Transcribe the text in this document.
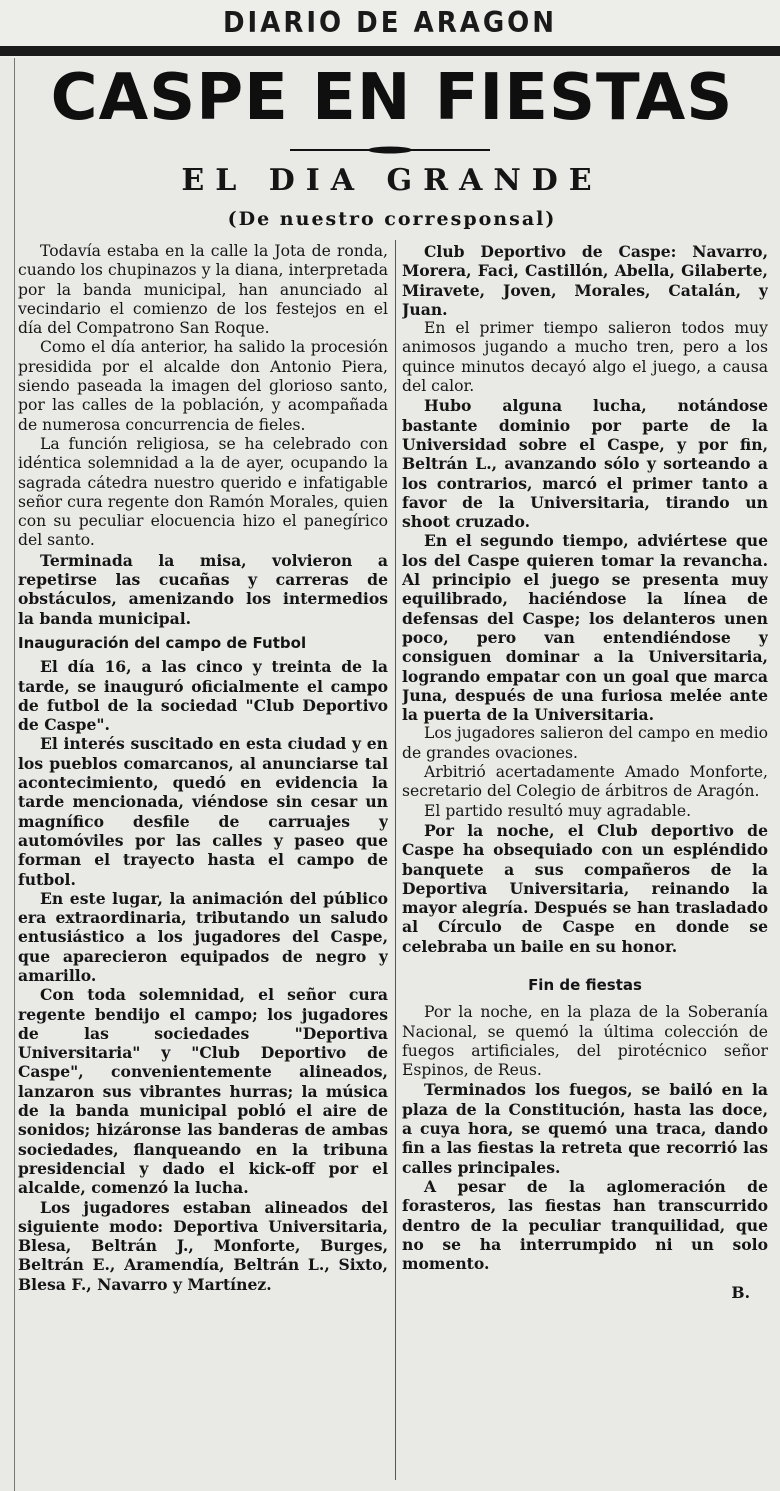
DIARIO DE ARAGON
CASPE EN FIESTAS
EL DIA GRANDE
(De nuestro corresponsal)

Todavía estaba en la calle la Jota de ronda, cuando los chupinazos y la diana, interpretada por la banda municipal, han anunciado al vecindario el comienzo de los festejos en el día del Compatrono San Roque.

Como el día anterior, ha salido la procesión presidida por el alcalde don Antonio Piera, siendo paseada la imagen del glorioso santo, por las calles de la población, y acompañada de numerosa concurrencia de fieles.

La función religiosa, se ha celebrado con idéntica solemnidad a la de ayer, ocupando la sagrada cátedra nuestro querido e infatigable señor cura regente don Ramón Morales, quien con su peculiar elocuencia hizo el panegírico del santo.

Terminada la misa, volvieron a repetirse las cucañas y carreras de obstáculos, amenizando los intermedios la banda municipal.

Inauguración del campo de Futbol

El día 16, a las cinco y treinta de la tarde, se inauguró oficialmente el campo de futbol de la sociedad "Club Deportivo de Caspe".

El interés suscitado en esta ciudad y en los pueblos comarcanos, al anunciarse tal acontecimiento, quedó en evidencia la tarde mencionada, viéndose sin cesar un magnífico desfile de carruajes y automóviles por las calles y paseo que forman el trayecto hasta el campo de futbol.

En este lugar, la animación del público era extraordinaria, tributando un saludo entusiástico a los jugadores del Caspe, que aparecieron equipados de negro y amarillo.

Con toda solemnidad, el señor cura regente bendijo el campo; los jugadores de las sociedades "Deportiva Universitaria" y "Club Deportivo de Caspe", convenientemente alineados, lanzaron sus vibrantes hurras; la música de la banda municipal pobló el aire de sonidos; hizáronse las banderas de ambas sociedades, flanqueando en la tribuna presidencial y dado el kick-off por el alcalde, comenzó la lucha.

Los jugadores estaban alineados del siguiente modo: Deportiva Universitaria, Blesa, Beltrán J., Monforte, Burges, Beltrán E., Aramendía, Beltrán L., Sixto, Blesa F., Navarro y Martínez.

Club Deportivo de Caspe: Navarro, Morera, Faci, Castillón, Abella, Gilaberte, Miravete, Joven, Morales, Catalán, y Juan.

En el primer tiempo salieron todos muy animosos jugando a mucho tren, pero a los quince minutos decayó algo el juego, a causa del calor.

Hubo alguna lucha, notándose bastante dominio por parte de la Universidad sobre el Caspe, y por fin, Beltrán L., avanzando sólo y sorteando a los contrarios, marcó el primer tanto a favor de la Universitaria, tirando un shoot cruzado.

En el segundo tiempo, adviértese que los del Caspe quieren tomar la revancha. Al principio el juego se presenta muy equilibrado, haciéndose la línea de defensas del Caspe; los delanteros unen poco, pero van entendiéndose y consiguen dominar a la Universitaria, logrando empatar con un goal que marca Juna, después de una furiosa melée ante la puerta de la Universitaria.

Los jugadores salieron del campo en medio de grandes ovaciones.

Arbitrió acertadamente Amado Monforte, secretario del Colegio de árbitros de Aragón.

El partido resultó muy agradable.

Por la noche, el Club deportivo de Caspe ha obsequiado con un espléndido banquete a sus compañeros de la Deportiva Universitaria, reinando la mayor alegría. Después se han trasladado al Círculo de Caspe en donde se celebraba un baile en su honor.

Fin de fiestas

Por la noche, en la plaza de la Soberanía Nacional, se quemó la última colección de fuegos artificiales, del pirotécnico señor Espinos, de Reus.

Terminados los fuegos, se bailó en la plaza de la Constitución, hasta las doce, a cuya hora, se quemó una traca, dando fin a las fiestas la retreta que recorrió las calles principales.

A pesar de la aglomeración de forasteros, las fiestas han transcurrido dentro de la peculiar tranquilidad, que no se ha interrumpido ni un solo momento.

B.
